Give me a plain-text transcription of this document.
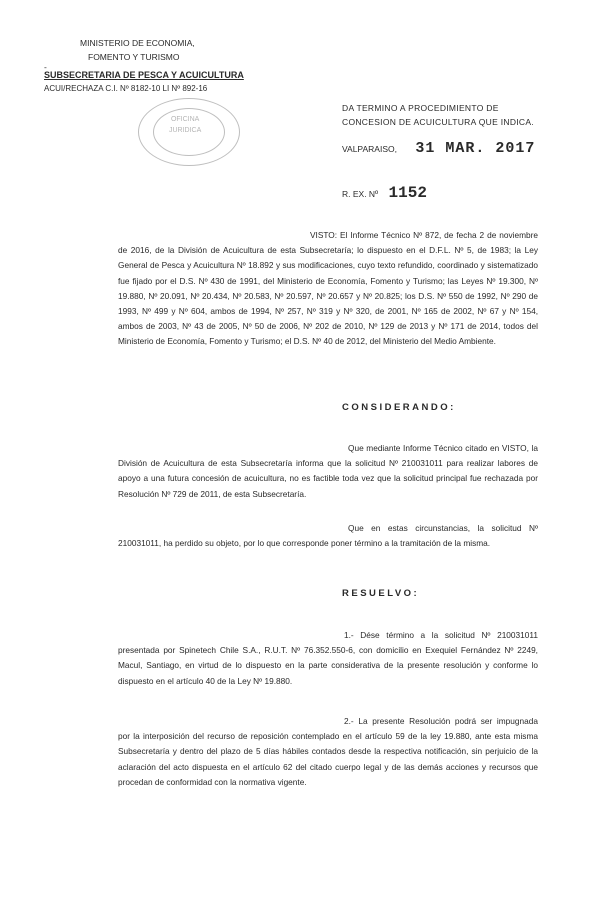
MINISTERIO DE ECONOMIA,
FOMENTO Y TURISMO
-
SUBSECRETARIA DE PESCA Y ACUICULTURA
ACUI/RECHAZA C.I. Nº 8182-10 LI Nº 892-16
OFICINA
JURIDICA
DA TERMINO A PROCEDIMIENTO DE
CONCESION DE ACUICULTURA QUE INDICA.
VALPARAISO, 31 MAR. 2017
R. EX. Nº 1152
VISTO: El Informe Técnico Nº 872, de fecha 2 de noviembre de 2016, de la División de Acuicultura de esta Subsecretaría; lo dispuesto en el D.F.L. Nº 5, de 1983; la Ley General de Pesca y Acuicultura Nº 18.892 y sus modificaciones, cuyo texto refundido, coordinado y sistematizado fue fijado por el D.S. Nº 430 de 1991, del Ministerio de Economía, Fomento y Turismo; las Leyes Nº 19.300, Nº 19.880, Nº 20.091, Nº 20.434, Nº 20.583, Nº 20.597, Nº 20.657 y Nº 20.825; los D.S. Nº 550 de 1992, Nº 290 de 1993, Nº 499 y Nº 604, ambos de 1994, Nº 257, Nº 319 y Nº 320, de 2001, Nº 165 de 2002, Nº 67 y Nº 154, ambos de 2003, Nº 43 de 2005, Nº 50 de 2006, Nº 202 de 2010, Nº 129 de 2013 y Nº 171 de 2014, todos del Ministerio de Economía, Fomento y Turismo; el D.S. Nº 40 de 2012, del Ministerio del Medio Ambiente.
CONSIDERANDO:
Que mediante Informe Técnico citado en VISTO, la División de Acuicultura de esta Subsecretaría informa que la solicitud Nº 210031011 para realizar labores de apoyo a una futura concesión de acuicultura, no es factible toda vez que la solicitud principal fue rechazada por Resolución Nº 729 de 2011, de esta Subsecretaría.
Que en estas circunstancias, la solicitud Nº 210031011, ha perdido su objeto, por lo que corresponde poner término a la tramitación de la misma.
RESUELVO:
1.- Dése término a la solicitud Nº 210031011 presentada por Spinetech Chile S.A., R.U.T. Nº 76.352.550-6, con domicilio en Exequiel Fernández Nº 2249, Macul, Santiago, en virtud de lo dispuesto en la parte considerativa de la presente resolución y conforme lo dispuesto en el artículo 40 de la Ley Nº 19.880.
2.- La presente Resolución podrá ser impugnada por la interposición del recurso de reposición contemplado en el artículo 59 de la ley 19.880, ante esta misma Subsecretaría y dentro del plazo de 5 días hábiles contados desde la respectiva notificación, sin perjuicio de la aclaración del acto dispuesta en el artículo 62 del citado cuerpo legal y de las demás acciones y recursos que procedan de conformidad con la normativa vigente.
